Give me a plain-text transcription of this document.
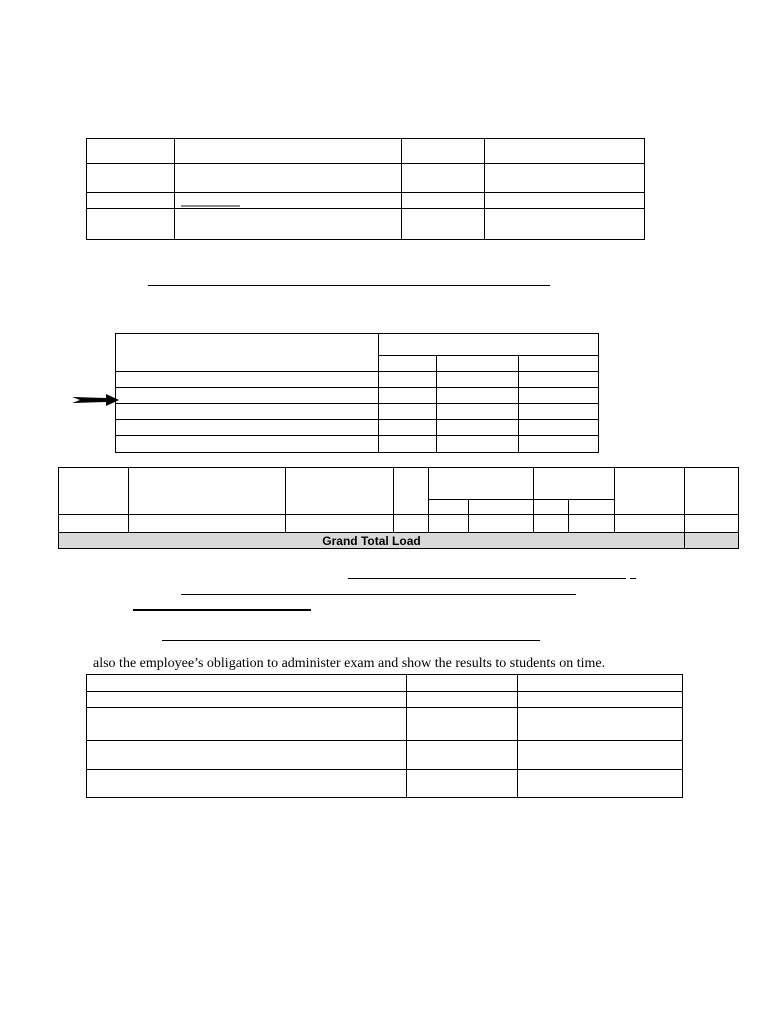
Grand Total Load									
also the employee’s obligation to administer exam and show the results to students on time.
